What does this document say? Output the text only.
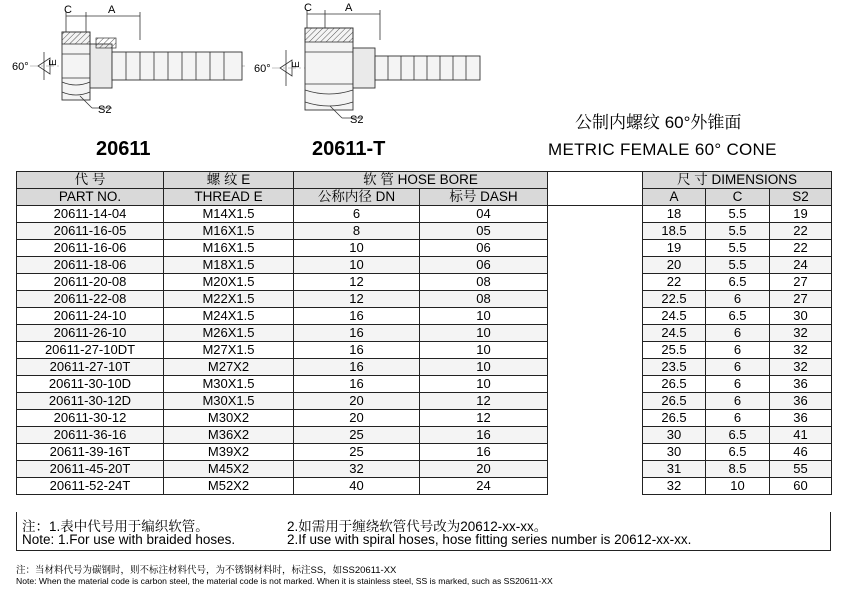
C	A
60° E
S2
C	A
60° E
S2
20611	20611-T
公制内螺纹 60°外锥面
METRIC FEMALE 60° CONE
代 号	螺 纹 E	软 管 HOSE BORE			尺 寸 DIMENSIONS		
PART NO.	THREAD E	公称内径 DN	标号 DASH		A	C	S2
20611-14-04	M14X1.5	6	04		18	5.5	19
20611-16-05	M16X1.5	8	05		18.5	5.5	22
20611-16-06	M16X1.5	10	06		19	5.5	22
20611-18-06	M18X1.5	10	06		20	5.5	24
20611-20-08	M20X1.5	12	08		22	6.5	27
20611-22-08	M22X1.5	12	08		22.5	6	27
20611-24-10	M24X1.5	16	10		24.5	6.5	30
20611-26-10	M26X1.5	16	10		24.5	6	32
20611-27-10DT	M27X1.5	16	10		25.5	6	32
20611-27-10T	M27X2	16	10		23.5	6	32
20611-30-10D	M30X1.5	16	10		26.5	6	36
20611-30-12D	M30X1.5	20	12		26.5	6	36
20611-30-12	M30X2	20	12		26.5	6	36
20611-36-16	M36X2	25	16		30	6.5	41
20611-39-16T	M39X2	25	16		30	6.5	46
20611-45-20T	M45X2	32	20		31	8.5	55
20611-52-24T	M52X2	40	24		32	10	60
注：1.表中代号用于编织软管。	2.如需用于缠绕软管代号改为20612-xx-xx。
Note: 1.For use with braided hoses.	2.If use with spiral hoses, hose fitting series number is 20612-xx-xx.
注：当材料代号为碳钢时，则不标注材料代号，为不锈钢材料时，标注SS，如SS20611-XX
Note: When the material code is carbon steel, the material code is not marked. When it is stainless steel, SS is marked, such as SS20611-XX
